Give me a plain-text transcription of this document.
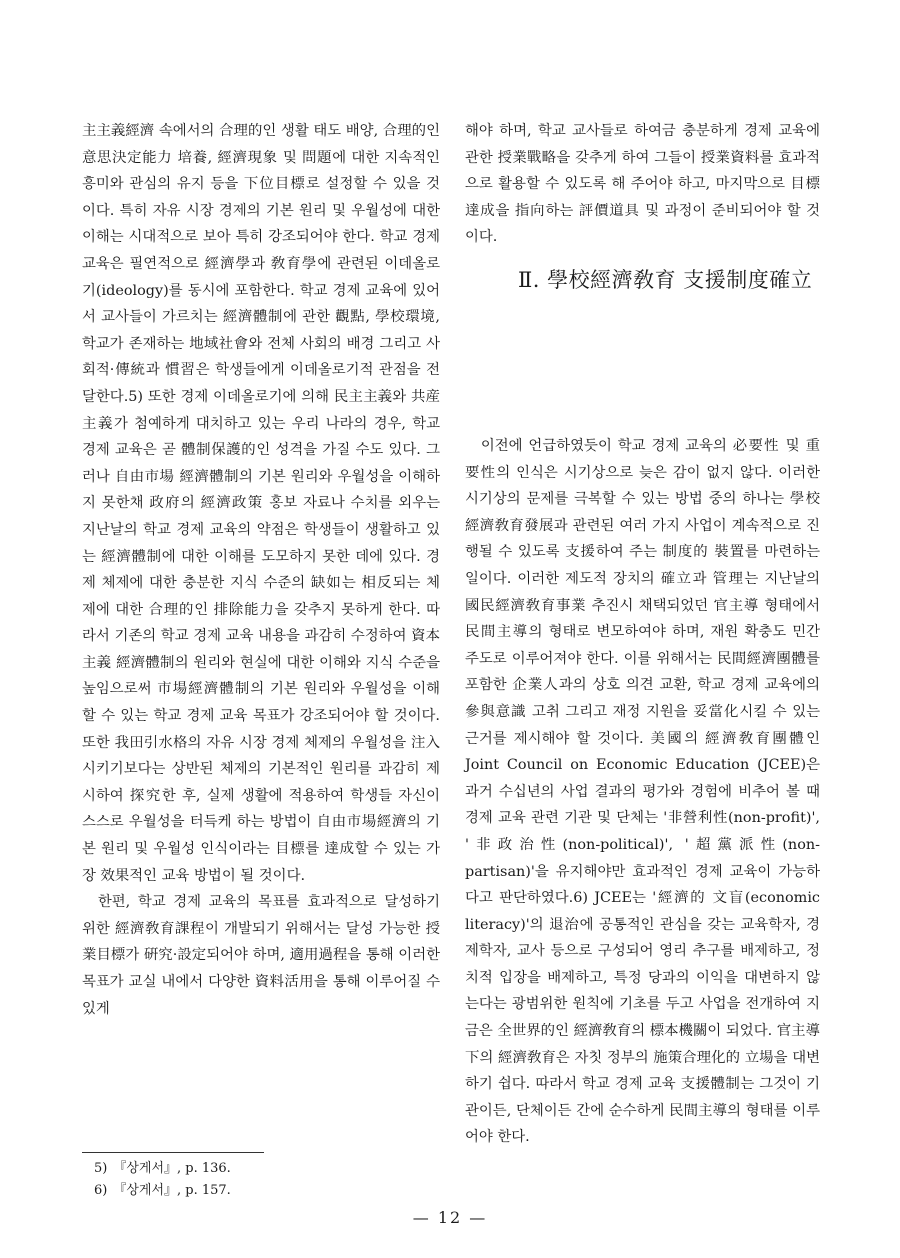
主主義經濟 속에서의 合理的인 생활 태도 배양, 合理的인 意思決定能力 培養, 經濟現象 및 問題에 대한 지속적인 흥미와 관심의 유지 등을 下位目標로 설정할 수 있을 것이다. 특히 자유 시장 경제의 기본 원리 및 우월성에 대한 이해는 시대적으로 보아 특히 강조되어야 한다. 학교 경제 교육은 필연적으로 經濟學과 敎育學에 관련된 이데올로기(ideology)를 동시에 포함한다. 학교 경제 교육에 있어서 교사들이 가르치는 經濟體制에 관한 觀點, 學校環境, 학교가 존재하는 地域社會와 전체 사회의 배경 그리고 사회적·傳統과 慣習은 학생들에게 이데올로기적 관점을 전달한다.5) 또한 경제 이데올로기에 의해 民主主義와 共産主義가 첨예하게 대치하고 있는 우리 나라의 경우, 학교 경제 교육은 곧 體制保護的인 성격을 가질 수도 있다. 그러나 自由市場 經濟體制의 기본 원리와 우월성을 이해하지 못한채 政府의 經濟政策 홍보 자료나 수치를 외우는 지난날의 학교 경제 교육의 약점은 학생들이 생활하고 있는 經濟體制에 대한 이해를 도모하지 못한 데에 있다. 경제 체제에 대한 충분한 지식 수준의 缺如는 相反되는 체제에 대한 合理的인 排除能力을 갖추지 못하게 한다. 따라서 기존의 학교 경제 교육 내용을 과감히 수정하여 資本主義 經濟體制의 원리와 현실에 대한 이해와 지식 수준을 높임으로써 市場經濟體制의 기본 원리와 우월성을 이해할 수 있는 학교 경제 교육 목표가 강조되어야 할 것이다. 또한 我田引水格의 자유 시장 경제 체제의 우월성을 注入시키기보다는 상반된 체제의 기본적인 원리를 과감히 제시하여 探究한 후, 실제 생활에 적용하여 학생들 자신이 스스로 우월성을 터득케 하는 방법이 自由市場經濟의 기본 원리 및 우월성 인식이라는 目標를 達成할 수 있는 가장 效果적인 교육 방법이 될 것이다.

한편, 학교 경제 교육의 목표를 효과적으로 달성하기 위한 經濟敎育課程이 개발되기 위해서는 달성 가능한 授業目標가 硏究·設定되어야 하며, 適用過程을 통해 이러한 목표가 교실 내에서 다양한 資料活用을 통해 이루어질 수 있게

해야 하며, 학교 교사들로 하여금 충분하게 경제 교육에 관한 授業戰略을 갖추게 하여 그들이 授業資料를 효과적으로 활용할 수 있도록 해 주어야 하고, 마지막으로 目標達成을 指向하는 評價道具 및 과정이 준비되어야 할 것이다.

이전에 언급하였듯이 학교 경제 교육의 必要性 및 重要性의 인식은 시기상으로 늦은 감이 없지 않다. 이러한 시기상의 문제를 극복할 수 있는 방법 중의 하나는 學校經濟敎育發展과 관련된 여러 가지 사업이 계속적으로 진행될 수 있도록 支援하여 주는 制度的 裝置를 마련하는 일이다. 이러한 제도적 장치의 確立과 管理는 지난날의 國民經濟敎育事業 추진시 채택되었던 官主導 형태에서 民間主導의 형태로 변모하여야 하며, 재원 확충도 민간 주도로 이루어져야 한다. 이를 위해서는 民間經濟團體를 포함한 企業人과의 상호 의견 교환, 학교 경제 교육에의 參與意識 고취 그리고 재정 지원을 妥當化시킬 수 있는 근거를 제시해야 할 것이다. 美國의 經濟敎育團體인 Joint Council on Economic Education (JCEE)은 과거 수십년의 사업 결과의 평가와 경험에 비추어 볼 때 경제 교육 관련 기관 및 단체는 '非營利性(non-profit)', '非政治性(non-political)', '超黨派性(non-partisan)'을 유지해야만 효과적인 경제 교육이 가능하다고 판단하였다.6) JCEE는 '經濟的 文盲(economic literacy)'의 退治에 공통적인 관심을 갖는 교육학자, 경제학자, 교사 등으로 구성되어 영리 추구를 배제하고, 정치적 입장을 배제하고, 특정 당과의 이익을 대변하지 않는다는 광범위한 원칙에 기초를 두고 사업을 전개하여 지금은 全世界的인 經濟敎育의 標本機關이 되었다. 官主導下의 經濟敎育은 자칫 정부의 施策合理化的 立場을 대변하기 쉽다. 따라서 학교 경제 교육 支援體制는 그것이 기관이든, 단체이든 간에 순수하게 民間主導의 형태를 이루어야 한다.

Ⅱ. 學校經濟敎育 支援制度確立
5) 『상게서』, p. 136.
6) 『상게서』, p. 157.
— 12 —
